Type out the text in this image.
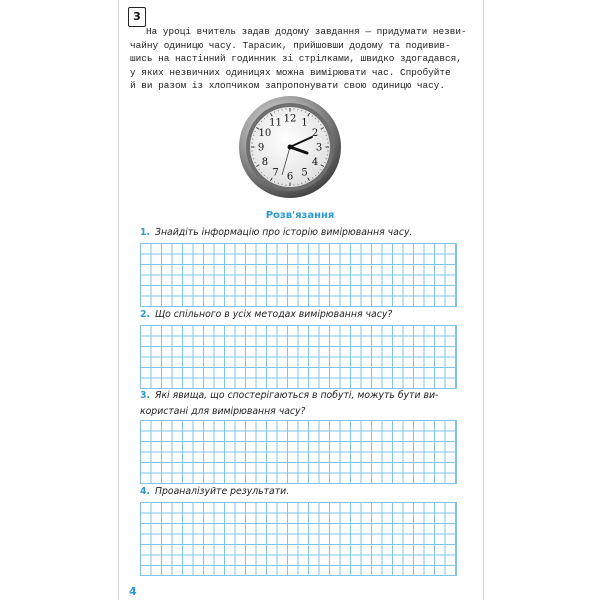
3
На уроці вчитель задав додому завдання — придумати незви-
чайну одиницю часу. Тарасик, прийшовши додому та подивив-
шись на настінний годинник зі стрілками, швидко здогадався,
у яких незвичних одиницях можна вимірювати час. Спробуйте
й ви разом із хлопчиком запропонувати свою одиницю часу.
12 1
2
3
4
5
6
7
8
9
10
11
Розв'язання
1. Знайдіть інформацію про історію вимірювання часу.
2. Що спільного в усіх методах вимірювання часу?
3. Які явища, що спостерігаються в побуті, можуть бути ви-
користані для вимірювання часу?
4. Проаналізуйте результати.
4
